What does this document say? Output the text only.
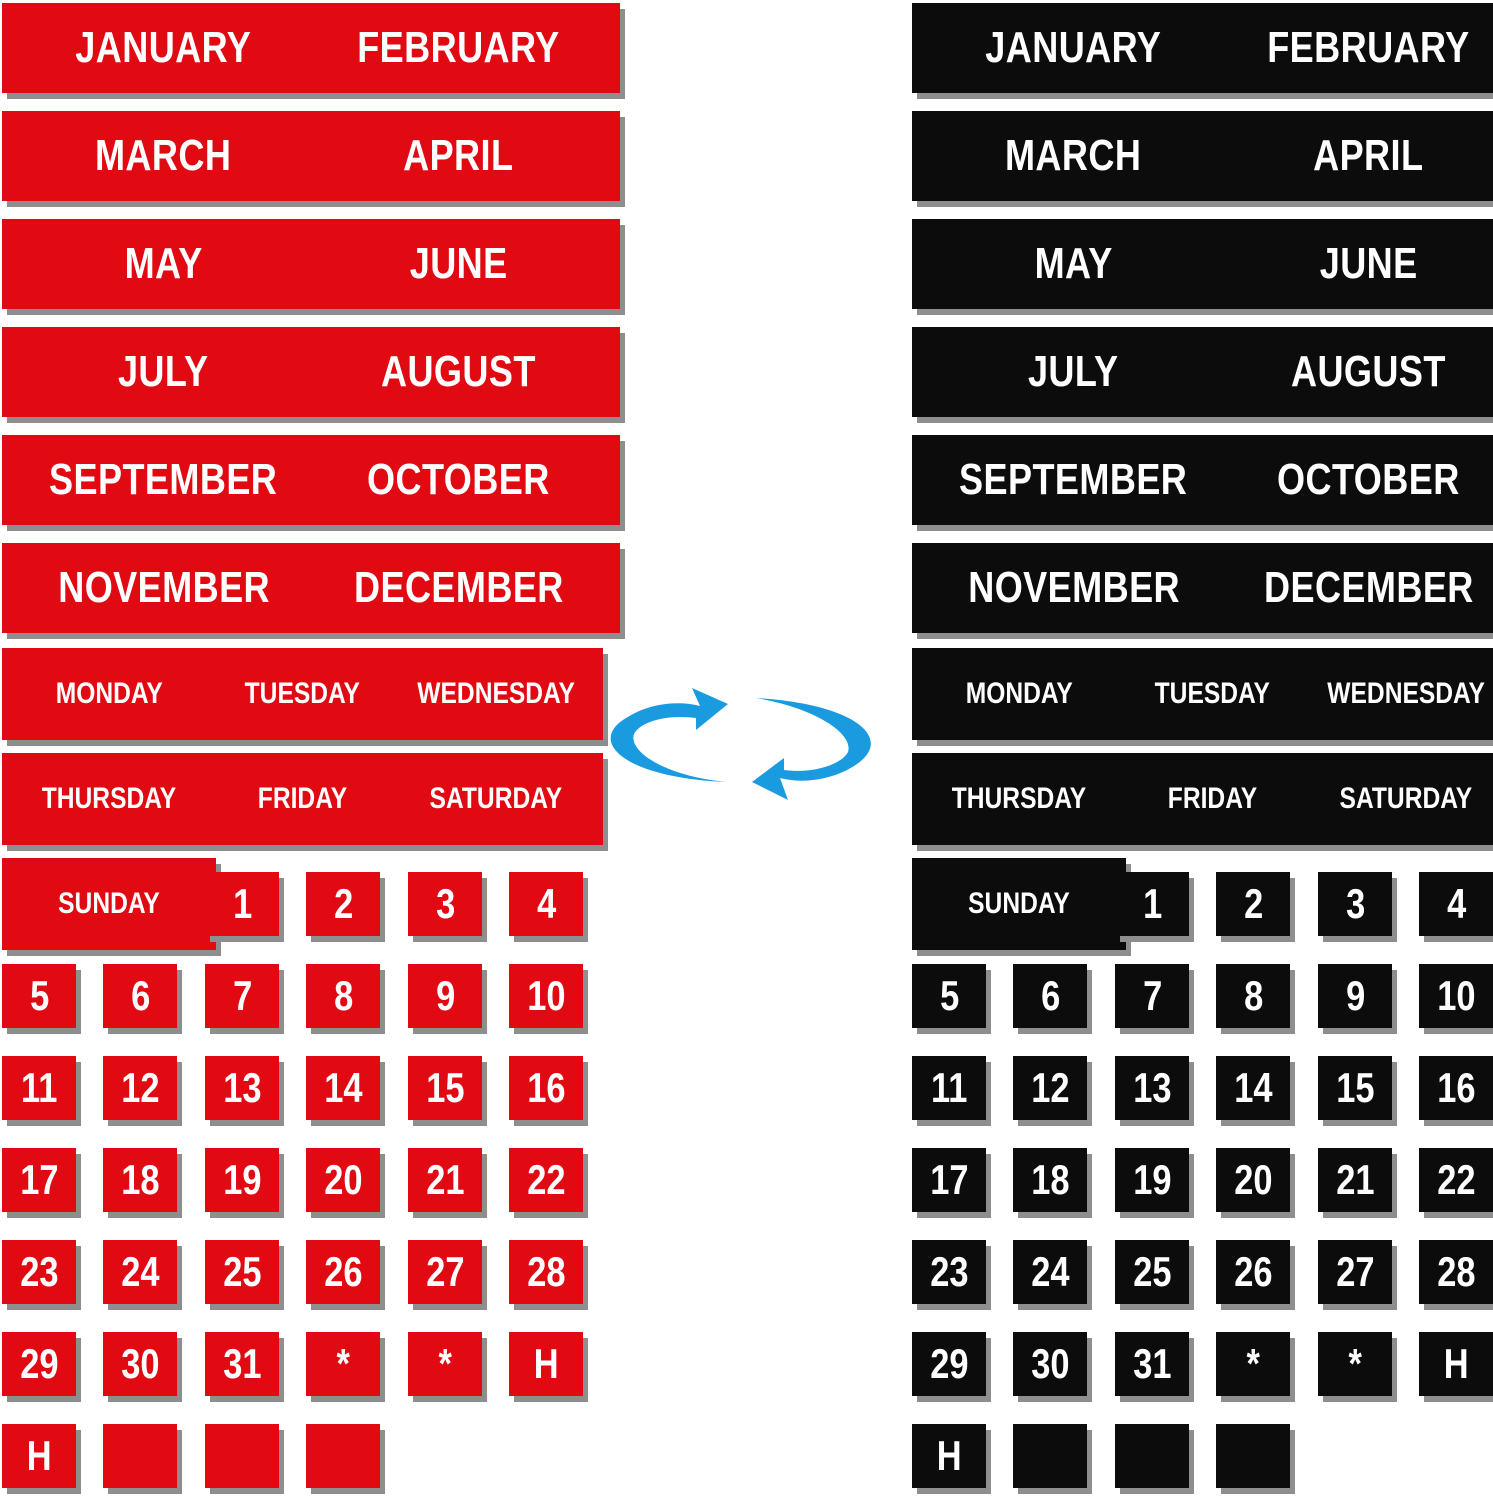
JANUARY FEBRUARY
MARCH	APRIL
MAY	JUNE
JULY	AUGUST
SEPTEMBER OCTOBER
NOVEMBER DECEMBER
MONDAY	TUESDAY WEDNESDAY
THURSDAY	FRIDAY	SATURDAY
SUNDAY 1 2 3 4
5 6 7 8 9 10
11 12 13 14 15 16
17 18 19 20 21 22
23 24 25 26 27 28
29 30 31 * * H
H
JANUARY FEBRUARY
MARCH	APRIL
MAY	JUNE
JULY	AUGUST
SEPTEMBER OCTOBER
NOVEMBER DECEMBER
MONDAY	TUESDAY WEDNESDAY
THURSDAY	FRIDAY	SATURDAY
SUNDAY 1 2 3 4
5 6 7 8 9 10
11 12 13 14 15 16
17 18 19 20 21 22
23 24 25 26 27 28
29 30 31 * * H
H
